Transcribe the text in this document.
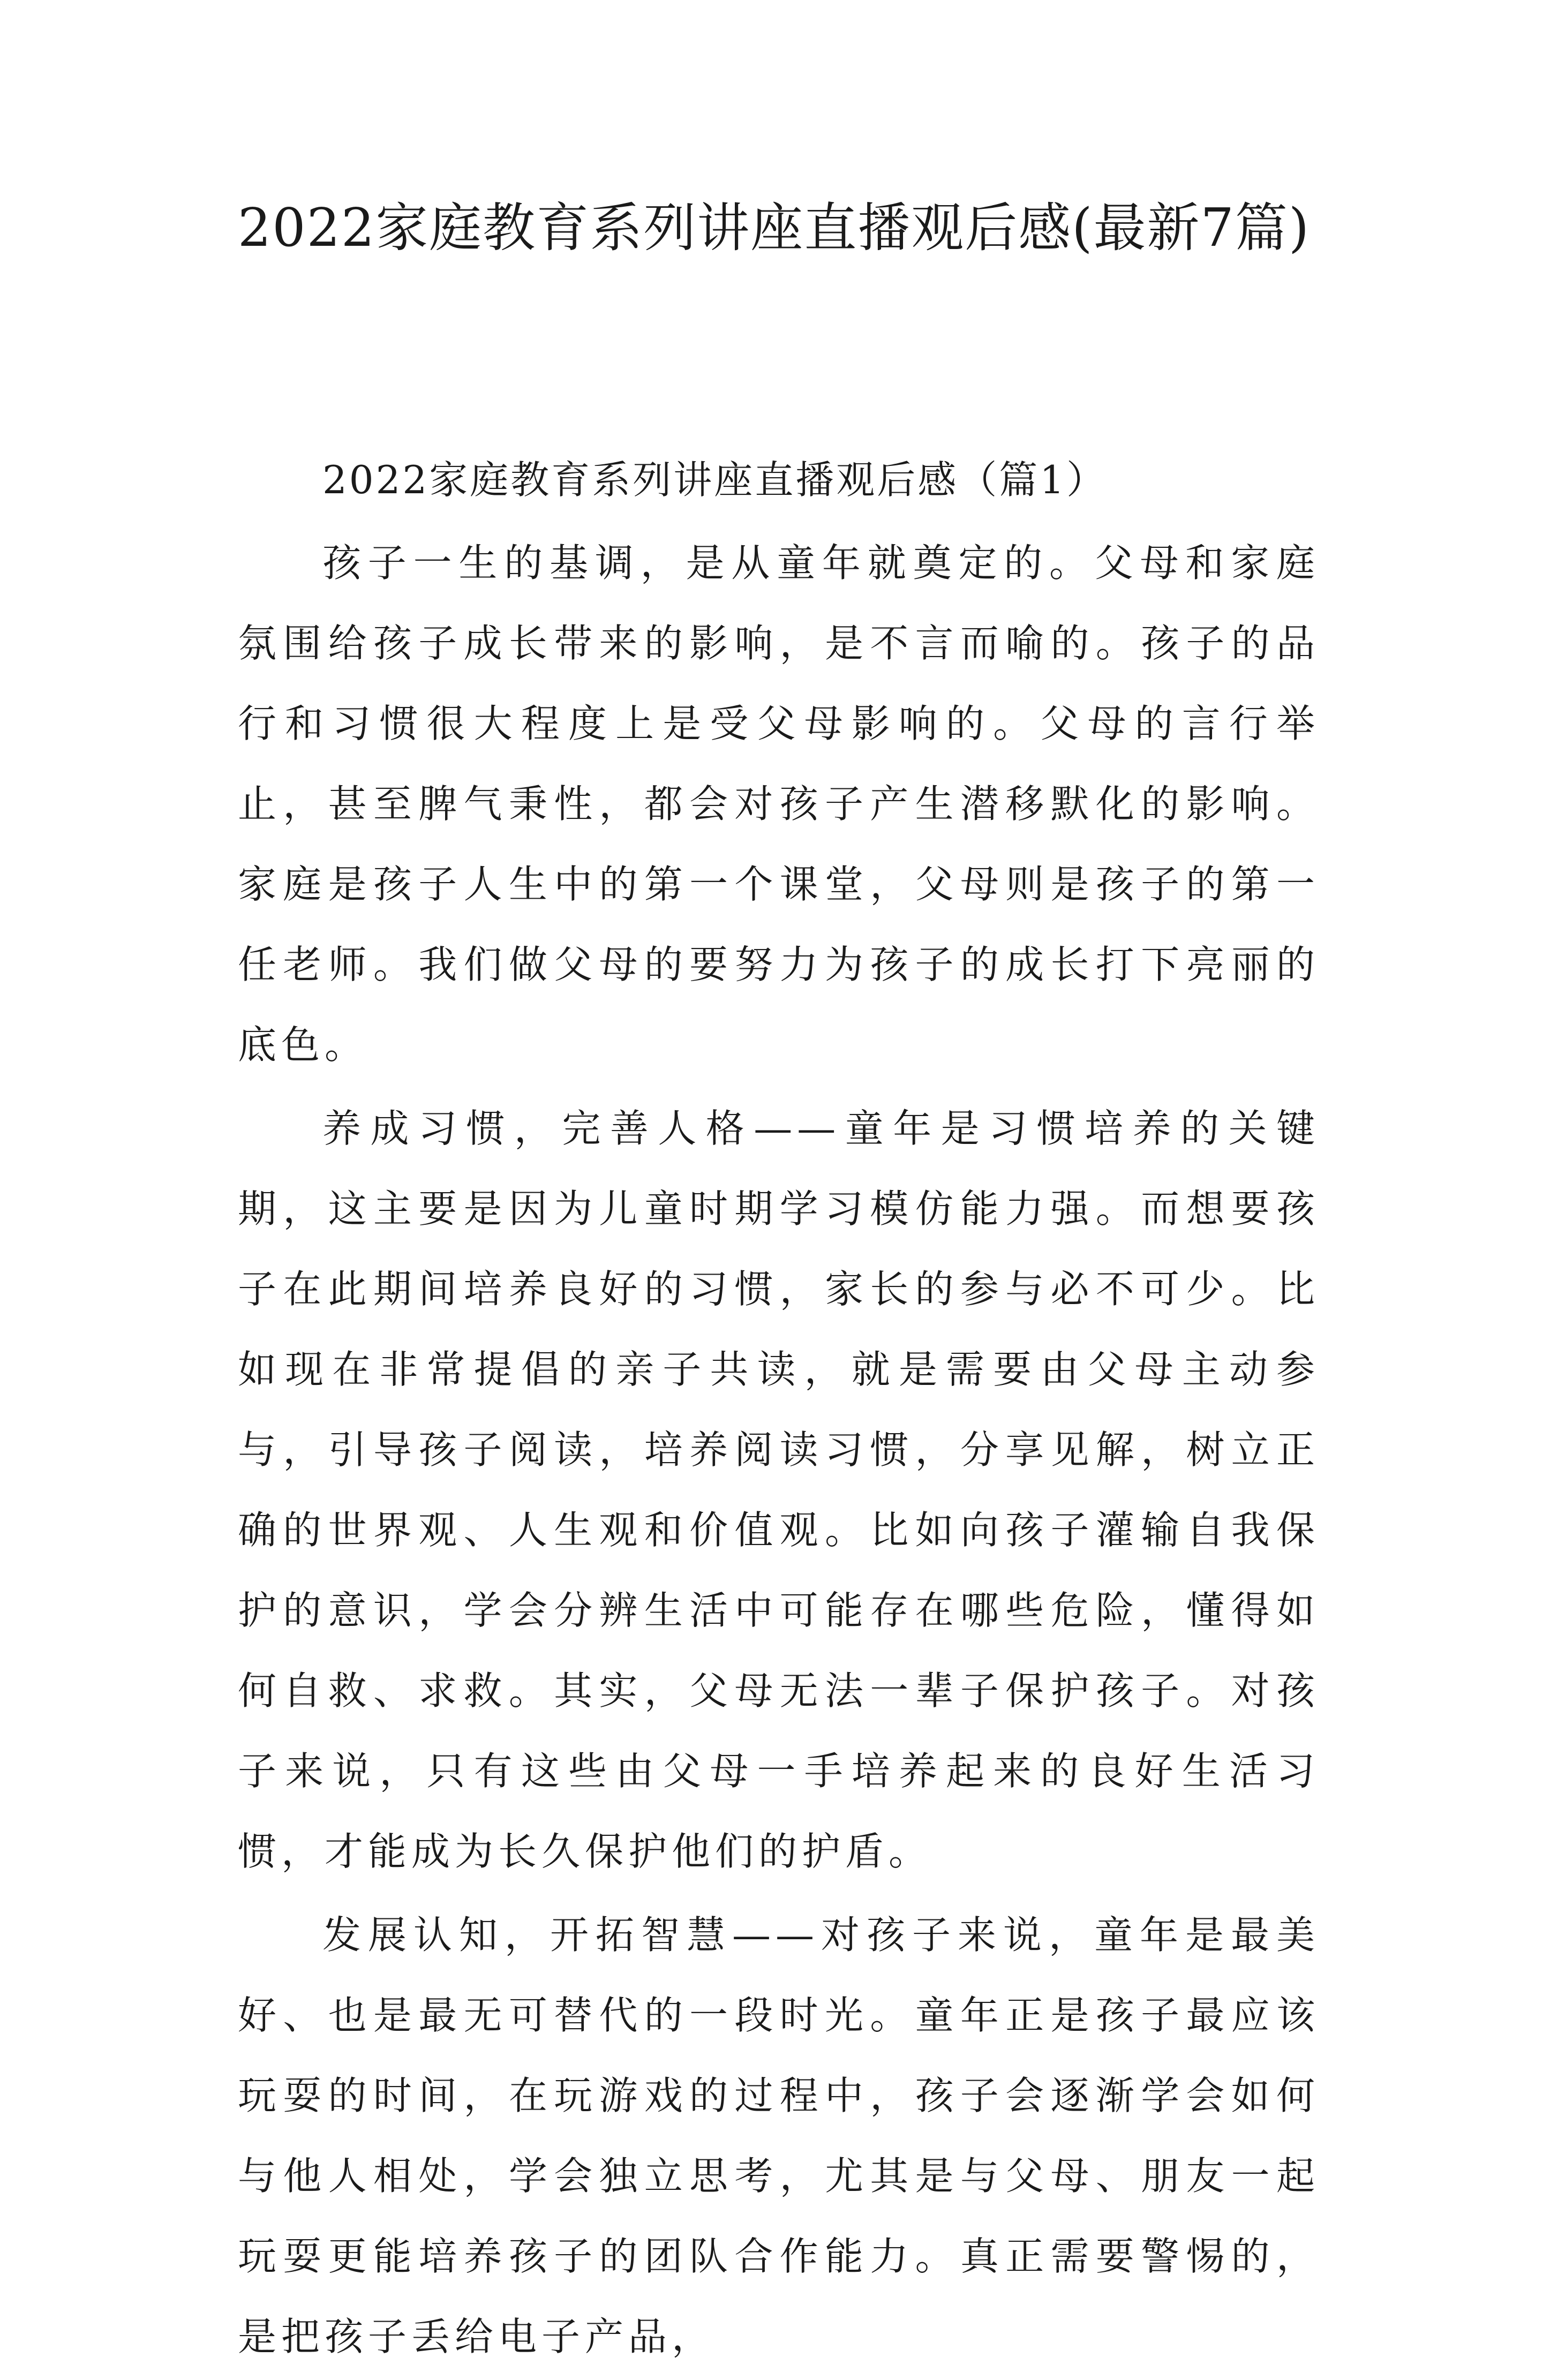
2022家庭教育系列讲座直播观后感(最新7篇)
2022家庭教育系列讲座直播观后感（篇1）

孩子一生的基调，是从童年就奠定的。父母和家庭氛围给孩子成长带来的影响，是不言而喻的。孩子的品行和习惯很大程度上是受父母影响的。父母的言行举止，甚至脾气秉性，都会对孩子产生潜移默化的影响。家庭是孩子人生中的第一个课堂，父母则是孩子的第一任老师。我们做父母的要努力为孩子的成长打下亮丽的底色。

养成习惯，完善人格——童年是习惯培养的关键期，这主要是因为儿童时期学习模仿能力强。而想要孩子在此期间培养良好的习惯，家长的参与必不可少。比如现在非常提倡的亲子共读，就是需要由父母主动参与，引导孩子阅读，培养阅读习惯，分享见解，树立正确的世界观、人生观和价值观。比如向孩子灌输自我保护的意识，学会分辨生活中可能存在哪些危险，懂得如何自救、求救。其实，父母无法一辈子保护孩子。对孩子来说，只有这些由父母一手培养起来的良好生活习惯，才能成为长久保护他们的护盾。

发展认知，开拓智慧——对孩子来说，童年是最美好、也是最无可替代的一段时光。童年正是孩子最应该玩耍的时间，在玩游戏的过程中，孩子会逐渐学会如何与他人相处，学会独立思考，尤其是与父母、朋友一起玩耍更能培养孩子的团队合作能力。真正需要警惕的，是把孩子丢给电子产品，
